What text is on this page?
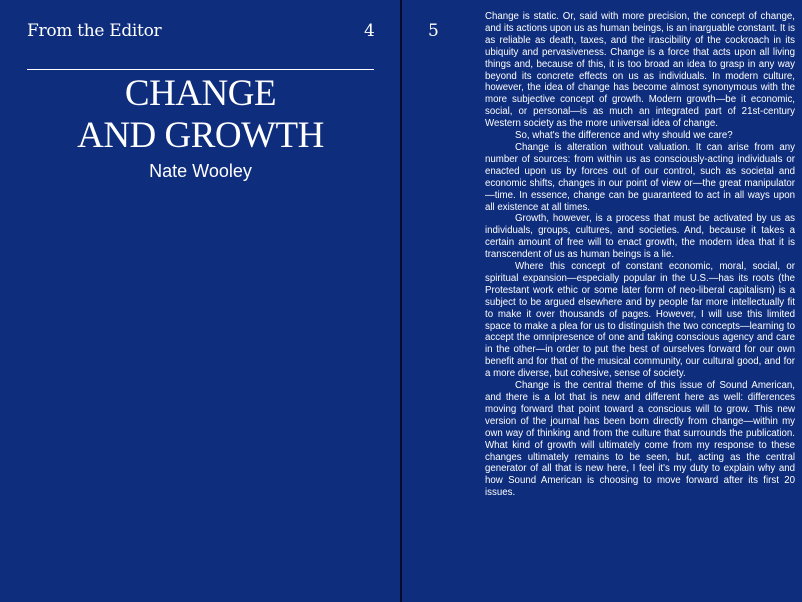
From the Editor	4
CHANGE
AND GROWTH
Nate Wooley
5

Change is static. Or, said with more precision, the concept of change, and its actions upon us as human beings, is an inarguable constant. It is as reliable as death, taxes, and the irascibility of the cockroach in its ubiquity and pervasiveness. Change is a force that acts upon all living things and, because of this, it is too broad an idea to grasp in any way beyond its concrete effects on us as individuals. In modern culture, however, the idea of change has become almost synonymous with the more subjective concept of growth. Modern growth—be it economic, social, or personal—is as much an integrated part of 21st-century Western society as the more universal idea of change.

So, what's the difference and why should we care?

Change is alteration without valuation. It can arise from any number of sources: from within us as consciously-acting individuals or enacted upon us by forces out of our control, such as societal and economic shifts, changes in our point of view or—the great manipulator—time. In essence, change can be guaranteed to act in all ways upon all existence at all times.

Growth, however, is a process that must be activated by us as individuals, groups, cultures, and societies. And, because it takes a certain amount of free will to enact growth, the modern idea that it is transcendent of us as human beings is a lie.

Where this concept of constant economic, moral, social, or spiritual expansion—especially popular in the U.S.—has its roots (the Protestant work ethic or some later form of neo-liberal capitalism) is a subject to be argued elsewhere and by people far more intellectually fit to make it over thousands of pages. However, I will use this limited space to make a plea for us to distinguish the two concepts—learning to accept the omnipresence of one and taking conscious agency and care in the other—in order to put the best of ourselves forward for our own benefit and for that of the musical community, our cultural good, and for a more diverse, but cohesive, sense of society.

Change is the central theme of this issue of Sound American, and there is a lot that is new and different here as well: differences moving forward that point toward a conscious will to grow. This new version of the journal has been born directly from change—within my own way of thinking and from the culture that surrounds the publication. What kind of growth will ultimately come from my response to these changes ultimately remains to be seen, but, acting as the central generator of all that is new here, I feel it's my duty to explain why and how Sound American is choosing to move forward after its first 20 issues.
